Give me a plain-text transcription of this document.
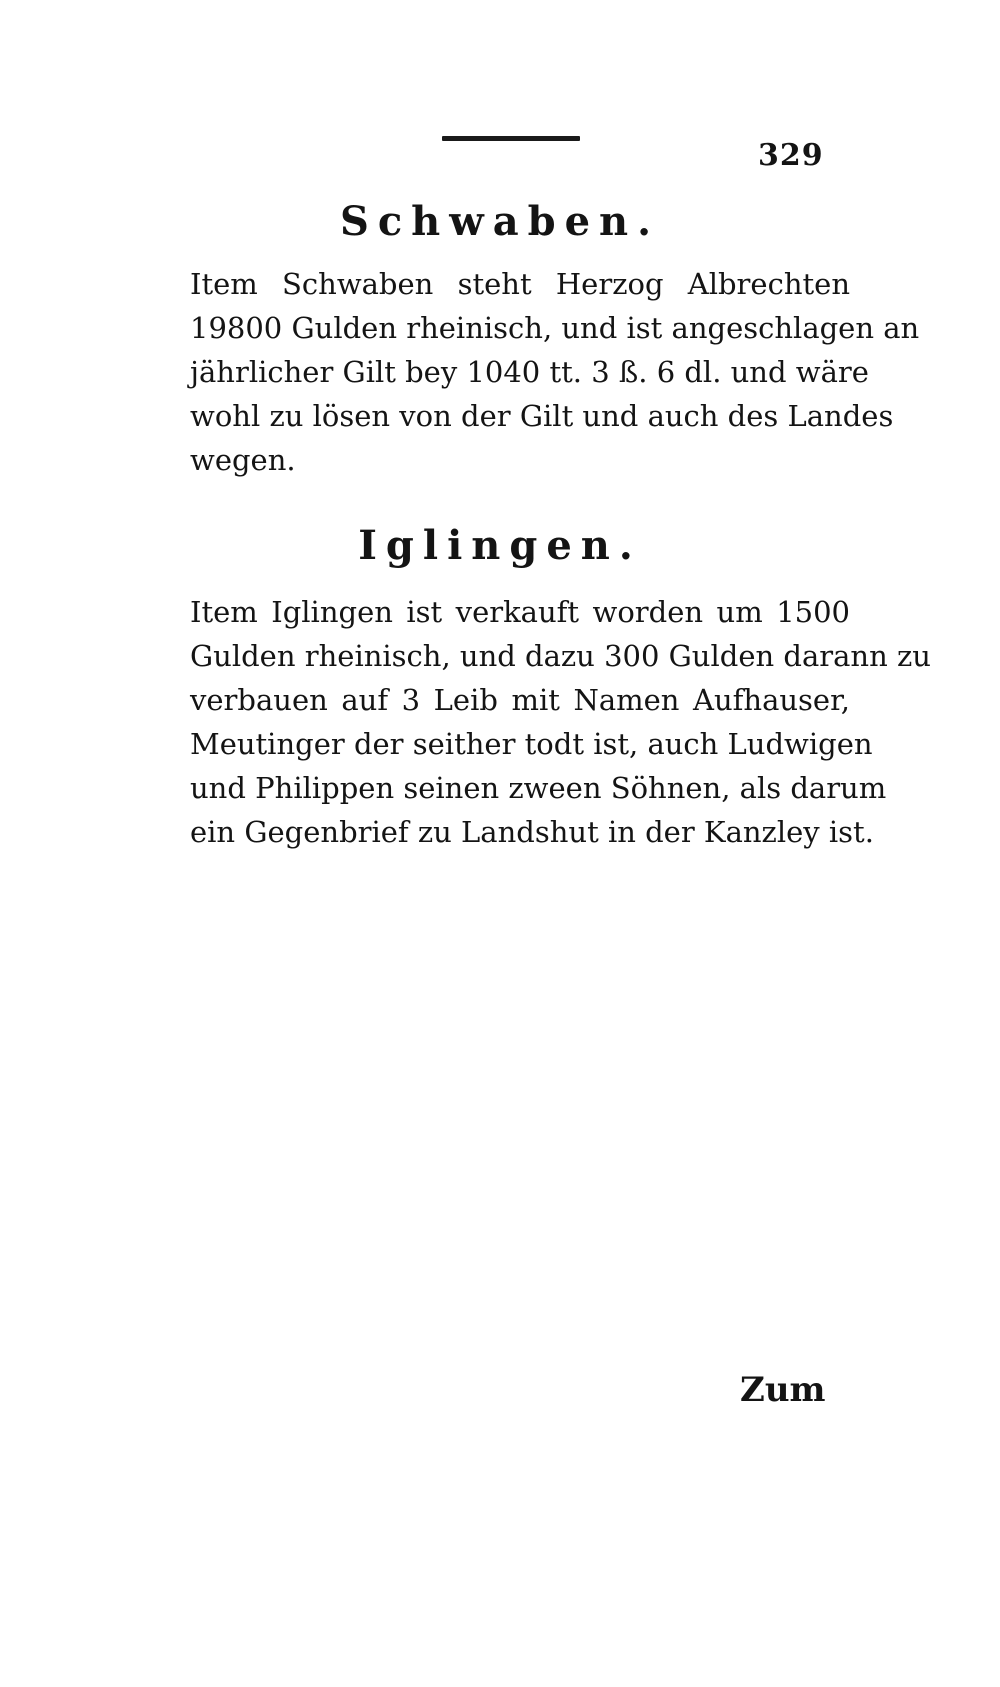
329
Schwaben.
Item Schwaben steht Herzog Albrechten
19800 Gulden rheinisch, und ist angeschlagen an
jährlicher Gilt bey 1040 tt. 3 ß. 6 dl. und wäre
wohl zu lösen von der Gilt und auch des Landes
wegen.
Iglingen.
Item Iglingen ist verkauft worden um 1500
Gulden rheinisch, und dazu 300 Gulden darann zu
verbauen auf 3 Leib mit Namen Aufhauser,
Meutinger der seither todt ist, auch Ludwigen
und Philippen seinen zween Söhnen, als darum
ein Gegenbrief zu Landshut in der Kanzley ist.
Zum
